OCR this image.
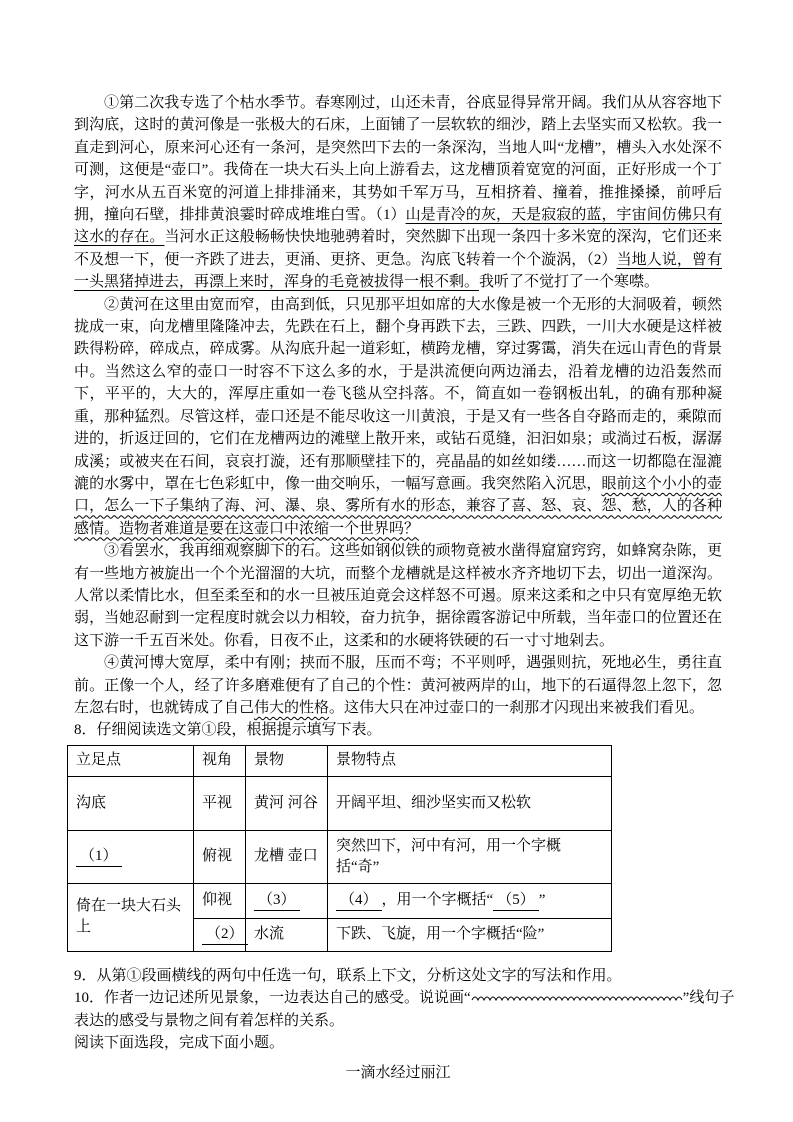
①第二次我专选了个枯水季节。春寒刚过，山还未青，谷底显得异常开阔。我们从从容容地下到沟底，这时的黄河像是一张极大的石床，上面铺了一层软软的细沙，踏上去坚实而又松软。我一直走到河心，原来河心还有一条河，是突然凹下去的一条深沟，当地人叫“龙槽”，槽头入水处深不可测，这便是“壶口”。我倚在一块大石头上向上游看去，这龙槽顶着宽宽的河面，正好形成一个丁字，河水从五百米宽的河道上排排涌来，其势如千军万马，互相挤着、撞着，推推搡搡，前呼后拥，撞向石壁，排排黄浪霎时碎成堆堆白雪。（1）山是青冷的灰，天是寂寂的蓝，宇宙间仿佛只有这水的存在。当河水正这般畅畅快快地驰骋着时，突然脚下出现一条四十多米宽的深沟，它们还来不及想一下，便一齐跌了进去，更涌、更挤、更急。沟底飞转着一个个漩涡，（2）当地人说，曾有一头黑猪掉进去，再漂上来时，浑身的毛竟被拔得一根不剩。我听了不觉打了一个寒噤。

②黄河在这里由宽而窄，由高到低，只见那平坦如席的大水像是被一个无形的大洞吸着，顿然拢成一束，向龙槽里隆隆冲去，先跌在石上，翻个身再跌下去，三跌、四跌，一川大水硬是这样被跌得粉碎，碎成点，碎成雾。从沟底升起一道彩虹，横跨龙槽，穿过雾霭，消失在远山青色的背景中。当然这么窄的壶口一时容不下这么多的水，于是洪流便向两边涌去，沿着龙槽的边沿轰然而下，平平的，大大的，浑厚庄重如一卷飞毯从空抖落。不，简直如一卷钢板出轧，的确有那种凝重，那种猛烈。尽管这样，壶口还是不能尽收这一川黄浪，于是又有一些各自夺路而走的，乘隙而进的，折返迂回的，它们在龙槽两边的滩壁上散开来，或钻石觅缝，汩汩如泉；或淌过石板，潺潺成溪；或被夹在石间，哀哀打漩，还有那顺壁挂下的，亮晶晶的如丝如缕……而这一切都隐在湿漉漉的水雾中，罩在七色彩虹中，像一曲交响乐，一幅写意画。我突然陷入沉思，眼前这个小小的壶口，怎么一下子集纳了海、河、瀑、泉、雾所有水的形态，兼容了喜、怒、哀、怨、愁，人的各种感情。造物者难道是要在这壶口中浓缩一个世界吗？

③看罢水，我再细观察脚下的石。这些如钢似铁的顽物竟被水凿得窟窟窍窍，如蜂窝杂陈，更有一些地方被旋出一个个光溜溜的大坑，而整个龙槽就是这样被水齐齐地切下去，切出一道深沟。人常以柔情比水，但至柔至和的水一旦被压迫竟会这样怒不可遏。原来这柔和之中只有宽厚绝无软弱，当她忍耐到一定程度时就会以力相较，奋力抗争，据徐霞客游记中所载，当年壶口的位置还在这下游一千五百米处。你看，日夜不止，这柔和的水硬将铁硬的石一寸寸地剁去。

④黄河博大宽厚，柔中有刚；挟而不服，压而不弯；不平则呼，遇强则抗，死地必生，勇往直前。正像一个人，经了许多磨难便有了自己的个性：黄河被两岸的山，地下的石逼得忽上忽下，忽左忽右时，也就铸成了自己伟大的性格。这伟大只在冲过壶口的一刹那才闪现出来被我们看见。

8．仔细阅读选文第①段，根据提示填写下表。

立足点	视角	景物	景物特点
沟底	平视	黄河 河谷	开阔平坦、细沙坚实而又松软
（1）	俯视	龙槽 壶口	突然凹下，河中有河，用一个字概括“奇”
倚在一块大石头上	仰视	（3）	（4） ，用一个字概括“ （5） ”
	（2）	水流	下跌、飞旋，用一个字概括“险”

9．从第①段画横线的两句中任选一句，联系上下文，分析这处文字的写法和作用。

10．作者一边记述所见景象，一边表达自己的感受。说说画“	”线句子

表达的感受与景物之间有着怎样的关系。

阅读下面选段，完成下面小题。

一滴水经过丽江
